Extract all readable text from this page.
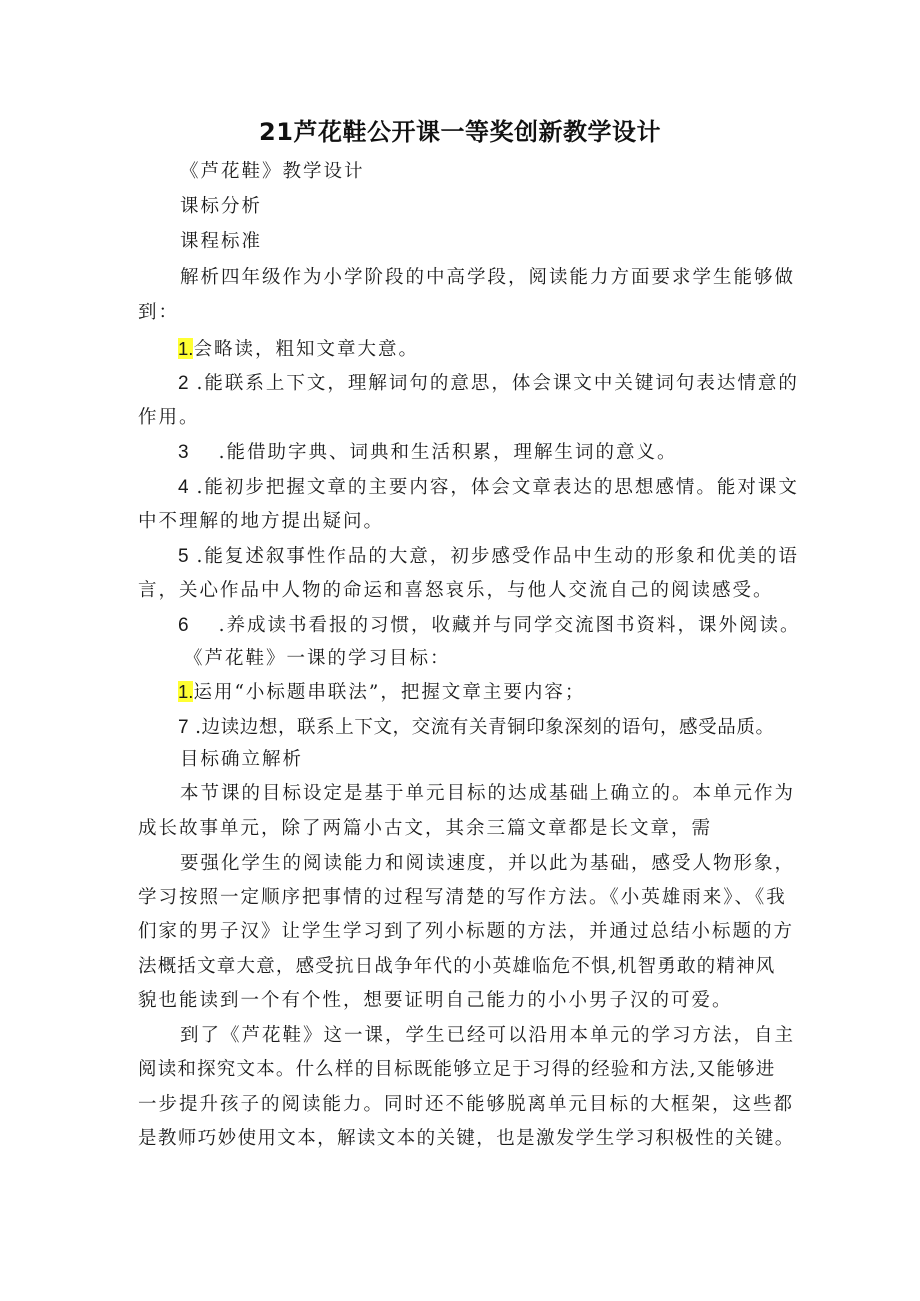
21芦花鞋公开课一等奖创新教学设计
《芦花鞋》教学设计
课标分析
课程标准
解析四年级作为小学阶段的中高学段，阅读能力方面要求学生能够做
到：
1.会略读，粗知文章大意。
2 .能联系上下文，理解词句的意思，体会课文中关键词句表达情意的
作用。
3 .能借助字典、词典和生活积累，理解生词的意义。
4 .能初步把握文章的主要内容，体会文章表达的思想感情。能对课文
中不理解的地方提出疑问。
5 .能复述叙事性作品的大意，初步感受作品中生动的形象和优美的语
言，关心作品中人物的命运和喜怒哀乐，与他人交流自己的阅读感受。
6 .养成读书看报的习惯，收藏并与同学交流图书资料，课外阅读。
《芦花鞋》一课的学习目标：
1.运用“小标题串联法”，把握文章主要内容；
7 .边读边想，联系上下文，交流有关青铜印象深刻的语句，感受品质。
目标确立解析
本节课的目标设定是基于单元目标的达成基础上确立的。本单元作为
成长故事单元，除了两篇小古文，其余三篇文章都是长文章，需
要强化学生的阅读能力和阅读速度，并以此为基础，感受人物形象，
学习按照一定顺序把事情的过程写清楚的写作方法。《小英雄雨来》、《我
们家的男子汉》让学生学习到了列小标题的方法，并通过总结小标题的方
法概括文章大意，感受抗日战争年代的小英雄临危不惧,机智勇敢的精神风
貌也能读到一个有个性，想要证明自己能力的小小男子汉的可爱。
到了《芦花鞋》这一课，学生已经可以沿用本单元的学习方法，自主
阅读和探究文本。什么样的目标既能够立足于习得的经验和方法,又能够进
一步提升孩子的阅读能力。同时还不能够脱离单元目标的大框架，这些都
是教师巧妙使用文本，解读文本的关键，也是激发学生学习积极性的关键。
